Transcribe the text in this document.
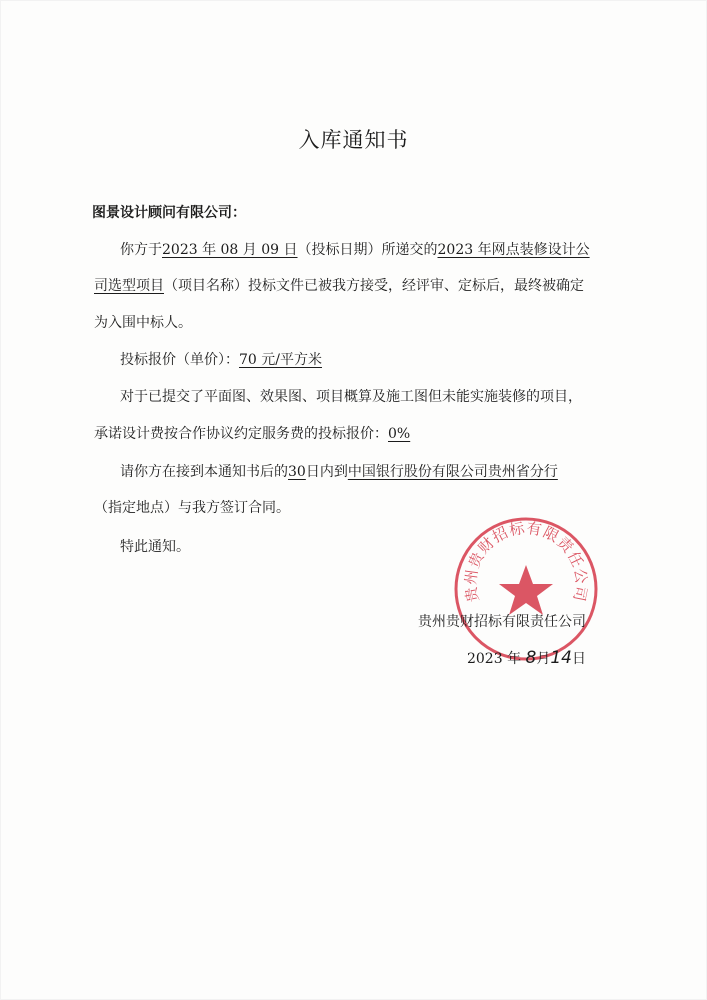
入库通知书
图景设计顾问有限公司：
你方于2023 年 08 月 09 日（投标日期）所递交的2023 年网点装修设计公
司选型项目（项目名称）投标文件已被我方接受，经评审、定标后，最终被确定
为入围中标人。
投标报价（单价）：70 元/平方米
对于已提交了平面图、效果图、项目概算及施工图但未能实施装修的项目，
承诺设计费按合作协议约定服务费的投标报价：0%
请你方在接到本通知书后的30日内到中国银行股份有限公司贵州省分行
（指定地点）与我方签订合同。
特此通知。
贵州贵财招标有限责任公司
贵州贵财招标有限责任公司
2023 年 8月14日
